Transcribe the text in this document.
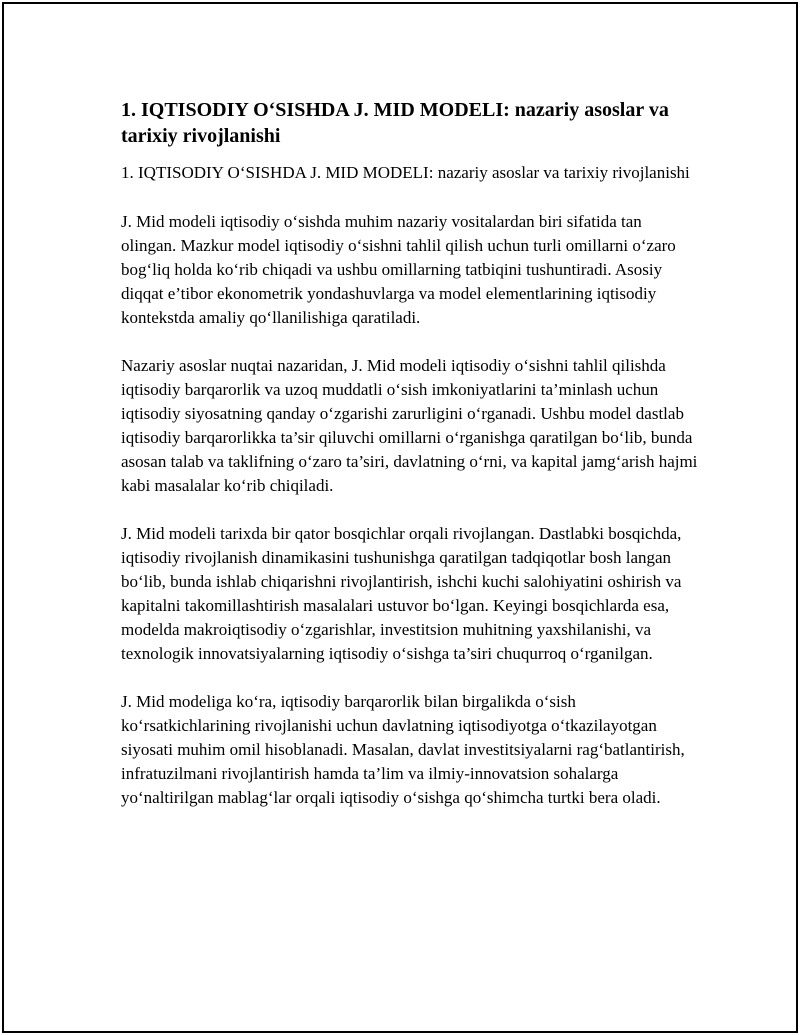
1. IQTISODIY O‘SISHDA J. MID MODELI: nazariy asoslar va tarixiy rivojlanishi
1. IQTISODIY O‘SISHDA J. MID MODELI: nazariy asoslar va tarixiy rivojlanishi

J. Mid modeli iqtisodiy o‘sishda muhim nazariy vositalardan biri sifatida tan olingan. Mazkur model iqtisodiy o‘sishni tahlil qilish uchun turli omillarni o‘zaro bog‘liq holda ko‘rib chiqadi va ushbu omillarning tatbiqini tushuntiradi. Asosiy diqqat e’tibor ekonometrik yondashuvlarga va model elementlarining iqtisodiy kontekstda amaliy qo‘llanilishiga qaratiladi.

Nazariy asoslar nuqtai nazaridan, J. Mid modeli iqtisodiy o‘sishni tahlil qilishda iqtisodiy barqarorlik va uzoq muddatli o‘sish imkoniyatlarini ta’minlash uchun iqtisodiy siyosatning qanday o‘zgarishi zarurligini o‘rganadi. Ushbu model dastlab iqtisodiy barqarorlikka ta’sir qiluvchi omillarni o‘rganishga qaratilgan bo‘lib, bunda asosan talab va taklifning o‘zaro ta’siri, davlatning o‘rni, va kapital jamg‘arish hajmi kabi masalalar ko‘rib chiqiladi.

J. Mid modeli tarixda bir qator bosqichlar orqali rivojlangan. Dastlabki bosqichda, iqtisodiy rivojlanish dinamikasini tushunishga qaratilgan tadqiqotlar bosh langan bo‘lib, bunda ishlab chiqarishni rivojlantirish, ishchi kuchi salohiyatini oshirish va kapitalni takomillashtirish masalalari ustuvor bo‘lgan. Keyingi bosqichlarda esa, modelda makroiqtisodiy o‘zgarishlar, investitsion muhitning yaxshilanishi, va texnologik innovatsiyalarning iqtisodiy o‘sishga ta’siri chuqurroq o‘rganilgan.

J. Mid modeliga ko‘ra, iqtisodiy barqarorlik bilan birgalikda o‘sish ko‘rsatkichlarining rivojlanishi uchun davlatning iqtisodiyotga o‘tkazilayotgan siyosati muhim omil hisoblanadi. Masalan, davlat investitsiyalarni rag‘batlantirish, infratuzilmani rivojlantirish hamda ta’lim va ilmiy-innovatsion sohalarga yo‘naltirilgan mablag‘lar orqali iqtisodiy o‘sishga qo‘shimcha turtki bera oladi.
